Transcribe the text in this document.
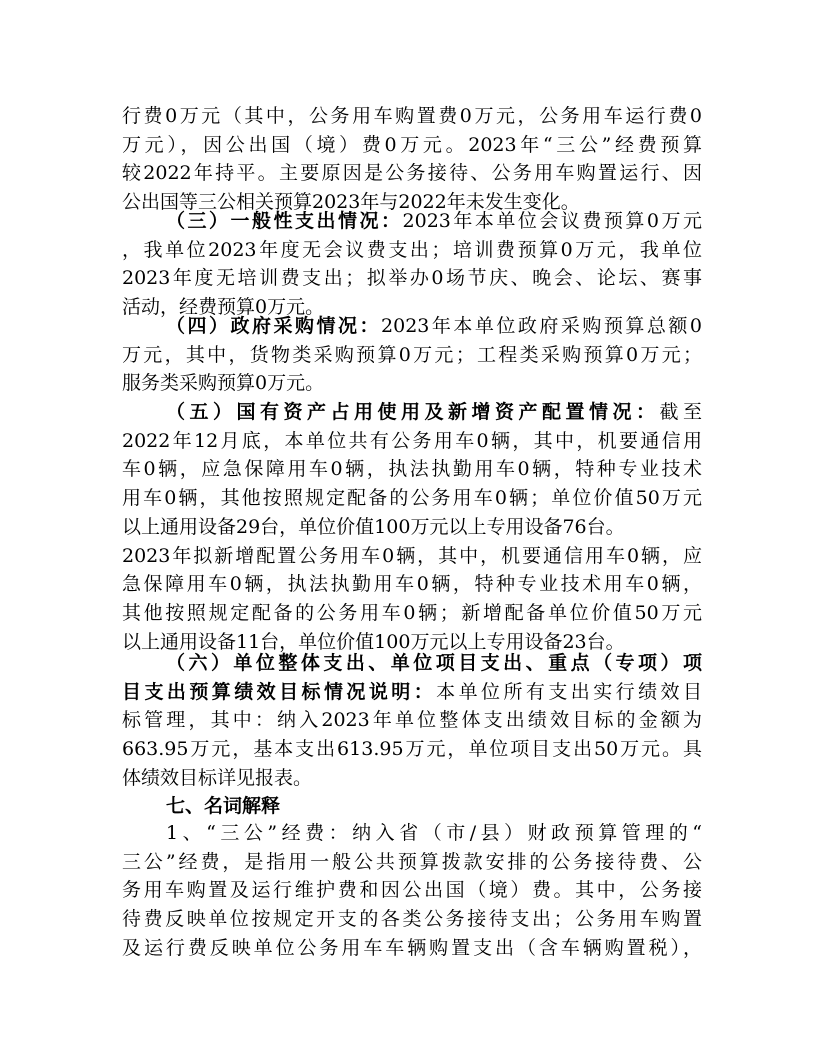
行费0万元（其中，公务用车购置费0万元，公务用车运行费0
万元），因公出国（境）费0万元。2023年“三公”经费预算
较2022年持平。主要原因是公务接待、公务用车购置运行、因
公出国等三公相关预算2023年与2022年未发生变化。
（三）一般性支出情况：2023年本单位会议费预算0万元
，我单位2023年度无会议费支出；培训费预算0万元，我单位
2023年度无培训费支出；拟举办0场节庆、晚会、论坛、赛事
活动，经费预算0万元。
（四）政府采购情况：2023年本单位政府采购预算总额0
万元，其中，货物类采购预算0万元；工程类采购预算0万元；
服务类采购预算0万元。
（五）国有资产占用使用及新增资产配置情况：截至
2022年12月底，本单位共有公务用车0辆，其中，机要通信用
车0辆，应急保障用车0辆，执法执勤用车0辆，特种专业技术
用车0辆，其他按照规定配备的公务用车0辆；单位价值50万元
以上通用设备29台，单位价值100万元以上专用设备76台。
2023年拟新增配置公务用车0辆，其中，机要通信用车0辆，应
急保障用车0辆，执法执勤用车0辆，特种专业技术用车0辆，
其他按照规定配备的公务用车0辆；新增配备单位价值50万元
以上通用设备11台，单位价值100万元以上专用设备23台。
（六）单位整体支出、单位项目支出、重点（专项）项
目支出预算绩效目标情况说明：本单位所有支出实行绩效目
标管理，其中：纳入2023年单位整体支出绩效目标的金额为
663.95万元，基本支出613.95万元，单位项目支出50万元。具
体绩效目标详见报表。
七、名词解释
1、“三公”经费：纳入省（市/县）财政预算管理的“
三公”经费，是指用一般公共预算拨款安排的公务接待费、公
务用车购置及运行维护费和因公出国（境）费。其中，公务接
待费反映单位按规定开支的各类公务接待支出；公务用车购置
及运行费反映单位公务用车车辆购置支出（含车辆购置税），
